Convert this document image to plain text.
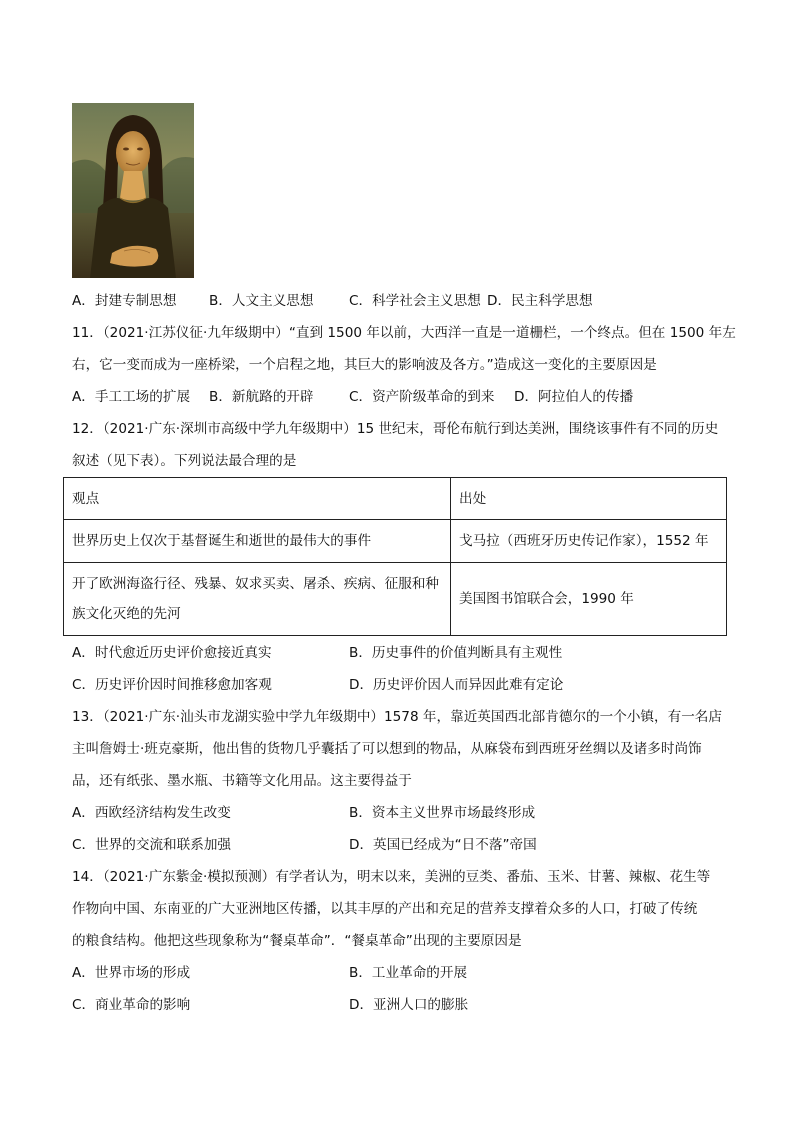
A．封建专制思想 B．人文主义思想	C．科学社会主义思想 D．民主科学思想
11．（2021·江苏仪征·九年级期中）“直到 1500 年以前，大西洋一直是一道栅栏，一个终点。但在 1500 年左
右，它一变而成为一座桥梁，一个启程之地，其巨大的影响波及各方。”造成这一变化的主要原因是
A．手工工场的扩展 B．新航路的开辟	C．资产阶级革命的到来 D．阿拉伯人的传播
12．（2021·广东·深圳市高级中学九年级期中）15 世纪末，哥伦布航行到达美洲，围绕该事件有不同的历史
叙述（见下表）。下列说法最合理的是
观点	出处
世界历史上仅次于基督诞生和逝世的最伟大的事件	戈马拉（西班牙历史传记作家），1552 年

开了欧洲海盗行径、残暴、奴求买卖、屠杀、疾病、征服和种
族文化灭绝的先河	美国图书馆联合会，1990 年
A．时代愈近历史评价愈接近真实	B．历史事件的价值判断具有主观性
C．历史评价因时间推移愈加客观	D．历史评价因人而异因此难有定论
13．（2021·广东·汕头市龙湖实验中学九年级期中）1578 年，靠近英国西北部肯德尔的一个小镇，有一名店
主叫詹姆士·班克豪斯，他出售的货物几乎囊括了可以想到的物品，从麻袋布到西班牙丝绸以及诸多时尚饰
品，还有纸张、墨水瓶、书籍等文化用品。这主要得益于
A．西欧经济结构发生改变	B．资本主义世界市场最终形成
C．世界的交流和联系加强	D．英国已经成为“日不落”帝国
14．（2021·广东紫金·模拟预测）有学者认为，明末以来，美洲的豆类、番茄、玉米、甘薯、辣椒、花生等
作物向中国、东南亚的广大亚洲地区传播，以其丰厚的产出和充足的营养支撑着众多的人口，打破了传统
的粮食结构。他把这些现象称为“餐桌革命”．“餐桌革命”出现的主要原因是
A．世界市场的形成	B．工业革命的开展
C．商业革命的影响	D．亚洲人口的膨胀
